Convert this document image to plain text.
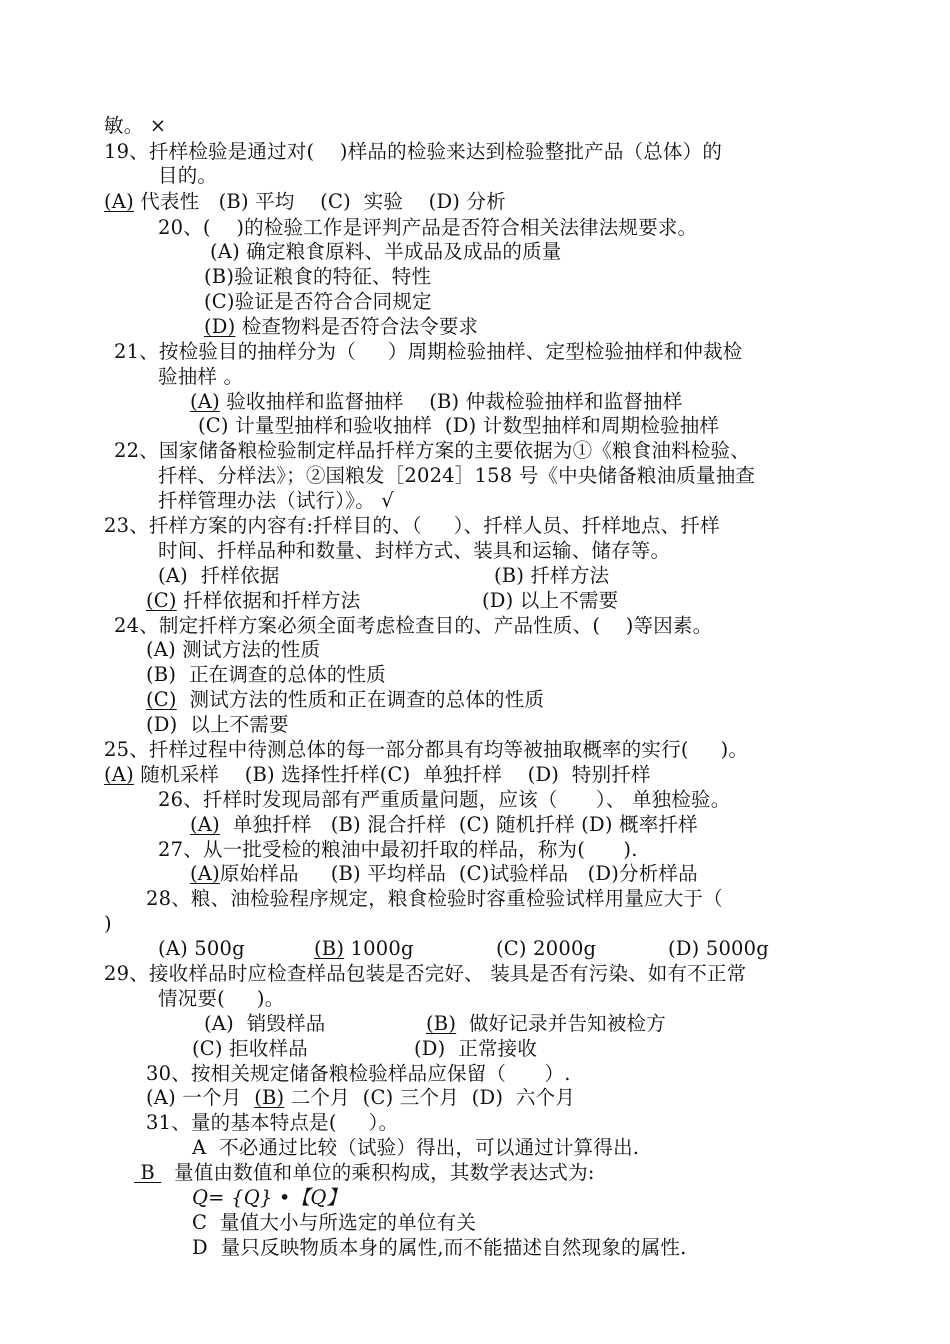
敏。 ×
19、扦样检验是通过对(    )样品的检验来达到检验整批产品（总体）的
目的。
(A) 代表性   (B) 平均    (C)  实验    (D) 分析
20、(    )的检验工作是评判产品是否符合相关法律法规要求。
(A) 确定粮食原料、半成品及成品的质量
(B)验证粮食的特征、特性
(C)验证是否符合合同规定
(D) 检查物料是否符合法令要求
21、按检验目的抽样分为（     ）周期检验抽样、定型检验抽样和仲裁检
验抽样 。
(A) 验收抽样和监督抽样    (B) 仲裁检验抽样和监督抽样
(C) 计量型抽样和验收抽样  (D) 计数型抽样和周期检验抽样
22、国家储备粮检验制定样品扦样方案的主要依据为①《粮食油料检验、
扦样、分样法》；②国粮发［2024］158 号《中央储备粮油质量抽查
扦样管理办法（试行）》。 √
23、扦样方案的内容有:扦样目的、（     ）、扦样人员、扦样地点、扦样
时间、扦样品种和数量、封样方式、装具和运输、储存等。
(A)  扦样依据	(B) 扦样方法
(C) 扦样依据和扦样方法	(D) 以上不需要
24、制定扦样方案必须全面考虑检查目的、产品性质、(    )等因素。
(A) 测试方法的性质
(B)  正在调查的总体的性质
(C)  测试方法的性质和正在调查的总体的性质
(D)  以上不需要
25、扦样过程中待测总体的每一部分都具有均等被抽取概率的实行(     )。
(A) 随机采样    (B) 选择性扦样(C)  单独扦样    (D)  特别扦样
26、扦样时发现局部有严重质量问题，应该（      ）、 单独检验。
(A)  单独扦样   (B) 混合扦样  (C) 随机扦样 (D) 概率扦样
27、从一批受检的粮油中最初扦取的样品，称为(      ).
(A)原始样品     (B) 平均样品  (C)试验样品   (D)分析样品
28、粮、油检验程序规定，粮食检验时容重检验试样用量应大于（
)
(A) 500g	(B) 1000g	(C) 2000g	(D) 5000g
29、接收样品时应检查样品包装是否完好、 装具是否有污染、如有不正常
情况要(     )。
(A)  销毁样品	(B)  做好记录并告知被检方
(C) 拒收样品	(D)  正常接收
30、按相关规定储备粮检验样品应保留（      ）.
(A) 一个月  (B) 二个月  (C) 三个月  (D)  六个月
31、量的基本特点是(     ）。
A  不必通过比较（试验）得出，可以通过计算得出.
B   量值由数值和单位的乘积构成，其数学表达式为:
Q= {Q} •【Q】
C  量值大小与所选定的单位有关
D  量只反映物质本身的属性,而不能描述自然现象的属性.
